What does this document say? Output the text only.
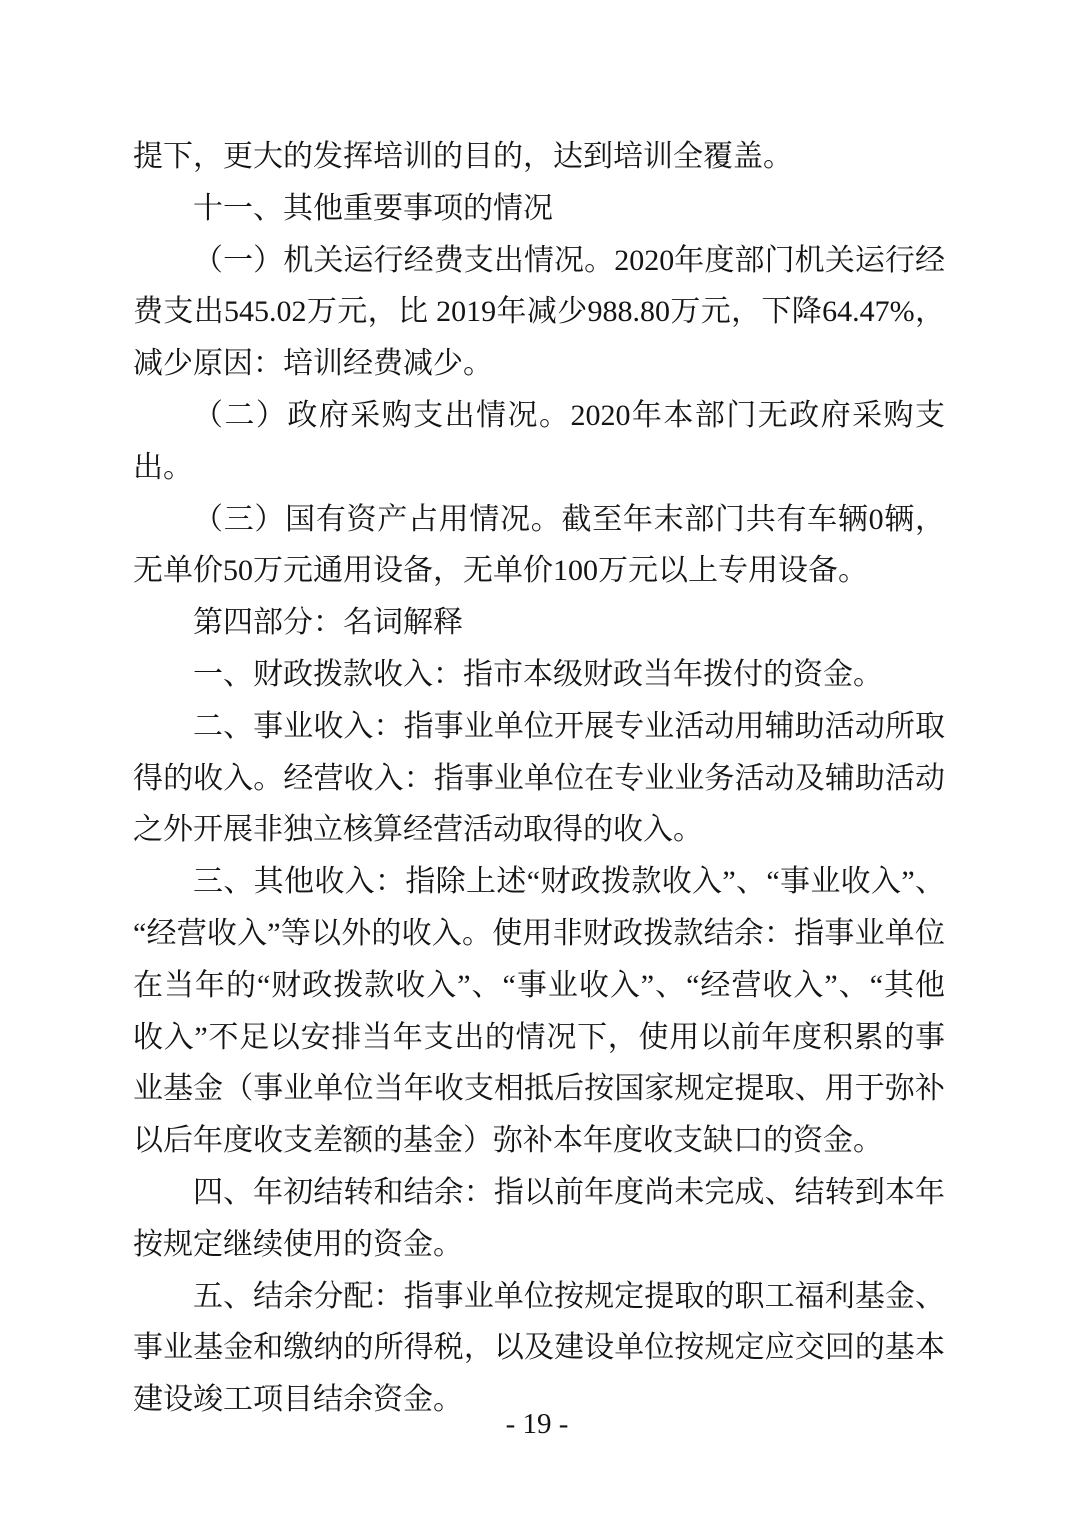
提下，更大的发挥培训的目的，达到培训全覆盖。

十一、其他重要事项的情况

（一）机关运行经费支出情况。2020年度部门机关运行经费支出545.02万元，比 2019年减少988.80万元，下降64.47%，减少原因：培训经费减少。

（二）政府采购支出情况。2020年本部门无政府采购支出。

（三）国有资产占用情况。截至年末部门共有车辆0辆，无单价50万元通用设备，无单价100万元以上专用设备。

第四部分：名词解释

一、财政拨款收入：指市本级财政当年拨付的资金。

二、事业收入：指事业单位开展专业活动用辅助活动所取得的收入。经营收入：指事业单位在专业业务活动及辅助活动之外开展非独立核算经营活动取得的收入。

三、其他收入：指除上述“财政拨款收入”、“事业收入”、“经营收入”等以外的收入。使用非财政拨款结余：指事业单位在当年的“财政拨款收入”、“事业收入”、“经营收入”、“其他收入”不足以安排当年支出的情况下，使用以前年度积累的事业基金（事业单位当年收支相抵后按国家规定提取、用于弥补以后年度收支差额的基金）弥补本年度收支缺口的资金。

四、年初结转和结余：指以前年度尚未完成、结转到本年按规定继续使用的资金。

五、结余分配：指事业单位按规定提取的职工福利基金、事业基金和缴纳的所得税，以及建设单位按规定应交回的基本建设竣工项目结余资金。

- 19 -
